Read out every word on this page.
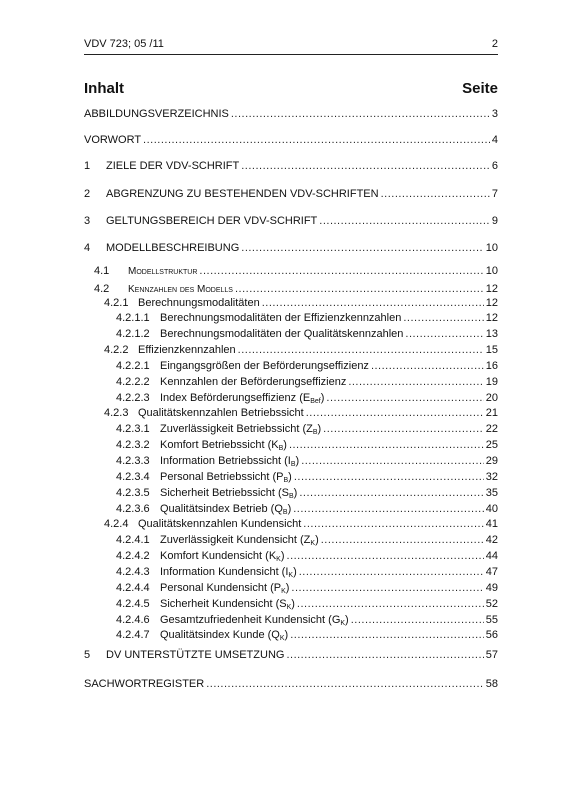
VDV 723; 05 /11	2
Inhalt	Seite
ABBILDUNGSVERZEICHNIS .....	3
VORWORT .....	4
1	ZIELE DER VDV-SCHRIFT .....	6
2	ABGRENZUNG ZU BESTEHENDEN VDV-SCHRIFTEN .....	7
3	GELTUNGSBEREICH DER VDV-SCHRIFT .....	9
4	MODELLBESCHREIBUNG .....	10
4.1	Modellstruktur .....	10
4.2	Kennzahlen des Modells .....	12
4.2.1 Berechnungsmodalitäten .....	12
4.2.1.1 Berechnungsmodalitäten der Effizienzkennzahlen .....	12
4.2.1.2 Berechnungsmodalitäten der Qualitätskennzahlen .....	13
4.2.2 Effizienzkennzahlen .....	15
4.2.2.1 Eingangsgrößen der Beförderungseffizienz .....	16
4.2.2.2 Kennzahlen der Beförderungseffizienz .....	19
4.2.2.3 Index Beförderungseffizienz $(E_{Bef})$ .....	20
4.2.3 Qualitätskennzahlen Betriebssicht .....	21
4.2.3.1 Zuverlässigkeit Betriebssicht $(Z_B)$ .....	22
4.2.3.2 Komfort Betriebssicht $(K_B)$ .....	25
4.2.3.3 Information Betriebssicht $(I_B)$ .....	29
4.2.3.4 Personal Betriebssicht $(P_B)$ .....	32
4.2.3.5 Sicherheit Betriebssicht $(S_B)$ .....	35
4.2.3.6 Qualitätsindex Betrieb $(Q_B)$ .....	40
4.2.4 Qualitätskennzahlen Kundensicht .....	41
4.2.4.1 Zuverlässigkeit Kundensicht $(Z_K)$ .....	42
4.2.4.2 Komfort Kundensicht $(K_K)$ .....	44
4.2.4.3 Information Kundensicht $(I_K)$ .....	47
4.2.4.4 Personal Kundensicht $(P_K)$ .....	49
4.2.4.5 Sicherheit Kundensicht $(S_K)$ .....	52
4.2.4.6 Gesamtzufriedenheit Kundensicht $(G_K)$ .....	55
4.2.4.7 Qualitätsindex Kunde $(Q_K)$ .....	56
5	DV UNTERSTÜTZTE UMSETZUNG .....	57
SACHWORTREGISTER .....	58
